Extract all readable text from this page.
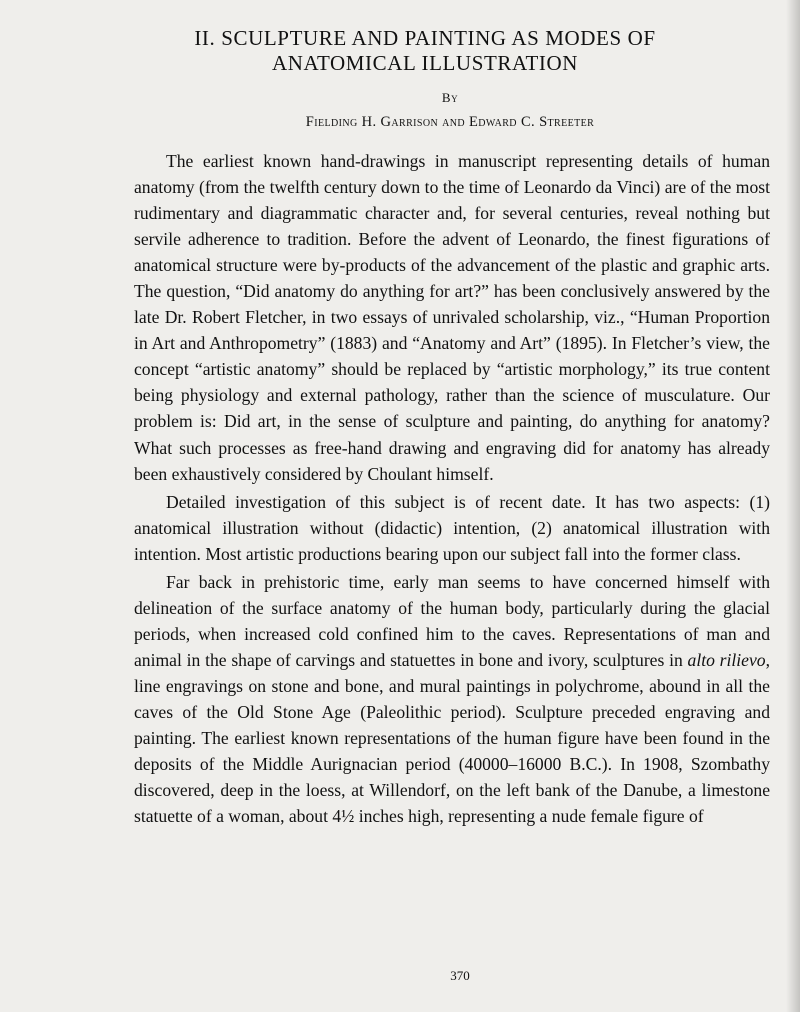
II. SCULPTURE AND PAINTING AS MODES OF ANATOMICAL ILLUSTRATION
By
Fielding H. Garrison and Edward C. Streeter

The earliest known hand-drawings in manuscript representing details of human anatomy (from the twelfth century down to the time of Leonardo da Vinci) are of the most rudimentary and diagrammatic character and, for several centuries, reveal nothing but servile adherence to tradition. Before the advent of Leonardo, the finest figurations of anatomical structure were by-products of the advancement of the plastic and graphic arts. The question, “Did anatomy do anything for art?” has been conclusively answered by the late Dr. Robert Fletcher, in two essays of unrivaled scholarship, viz., “Human Proportion in Art and Anthropometry” (1883) and “Anatomy and Art” (1895). In Fletcher’s view, the concept “artistic anatomy” should be replaced by “artistic morphology,” its true content being physiology and external pathology, rather than the science of musculature. Our problem is: Did art, in the sense of sculpture and painting, do anything for anatomy? What such processes as free-hand drawing and engraving did for anatomy has already been exhaustively considered by Choulant himself.

Detailed investigation of this subject is of recent date. It has two aspects: (1) anatomical illustration without (didactic) intention, (2) anatomical illustration with intention. Most artistic productions bearing upon our subject fall into the former class.

Far back in prehistoric time, early man seems to have concerned himself with delineation of the surface anatomy of the human body, particularly during the glacial periods, when increased cold confined him to the caves. Representations of man and animal in the shape of carvings and statuettes in bone and ivory, sculptures in alto rilievo, line engravings on stone and bone, and mural paintings in polychrome, abound in all the caves of the Old Stone Age (Paleolithic period). Sculpture preceded engraving and painting. The earliest known representations of the human figure have been found in the deposits of the Middle Aurignacian period (40000–16000 B.C.). In 1908, Szombathy discovered, deep in the loess, at Willendorf, on the left bank of the Danube, a limestone statuette of a woman, about 4½ inches high, representing a nude female figure of

370
